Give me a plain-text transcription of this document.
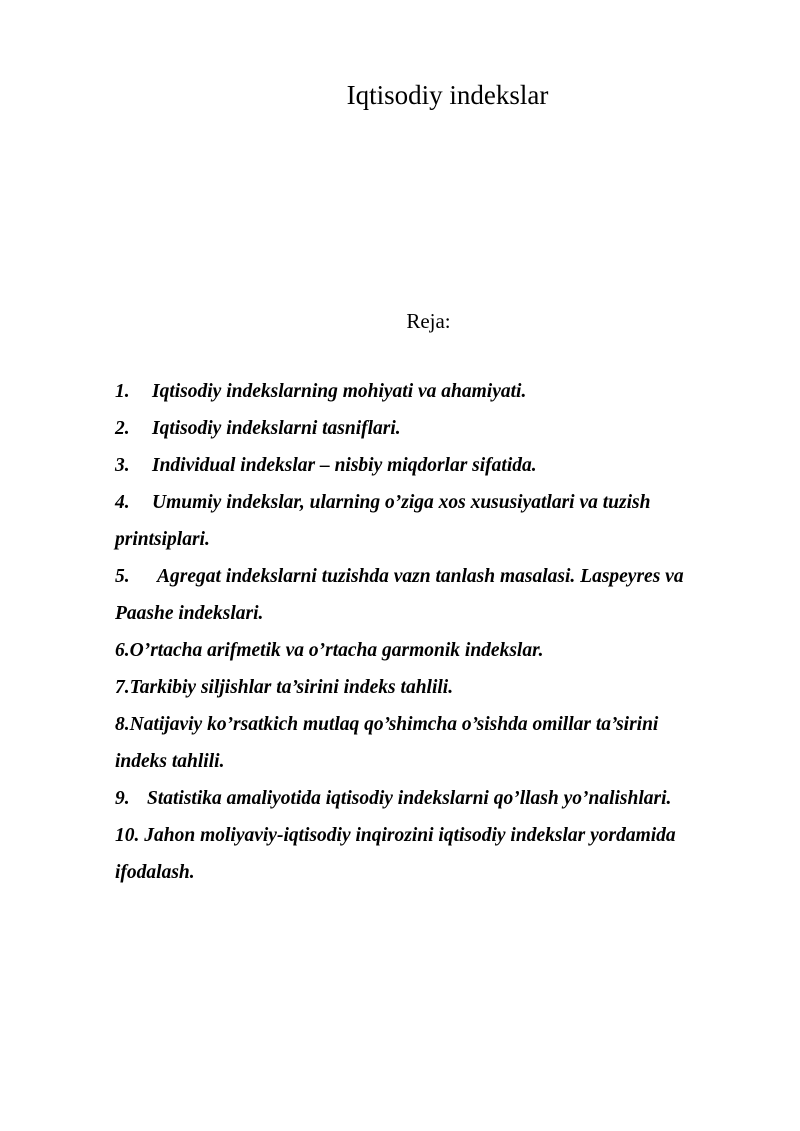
Iqtisodiy indekslar
Reja:
1. Iqtisodiy indekslarning mohiyati va ahamiyati.
2. Iqtisodiy indekslarni tasniflari.
3. Individual indekslar – nisbiy miqdorlar sifatida.
4. Umumiy indekslar, ularning o’ziga xos xususiyatlari va tuzish
printsiplari.
5. Agregat indekslarni tuzishda vazn tanlash masalasi. Laspeyres va
Paashe indekslari.
6.O’rtacha arifmetik va o’rtacha garmonik indekslar.
7.Tarkibiy siljishlar ta’sirini indeks tahlili.
8.Natijaviy ko’rsatkich mutlaq qo’shimcha o’sishda omillar ta’sirini
indeks tahlili.
9. Statistika amaliyotida iqtisodiy indekslarni qo’llash yo’nalishlari.
10. Jahon moliyaviy-iqtisodiy inqirozini iqtisodiy indekslar yordamida
ifodalash.
